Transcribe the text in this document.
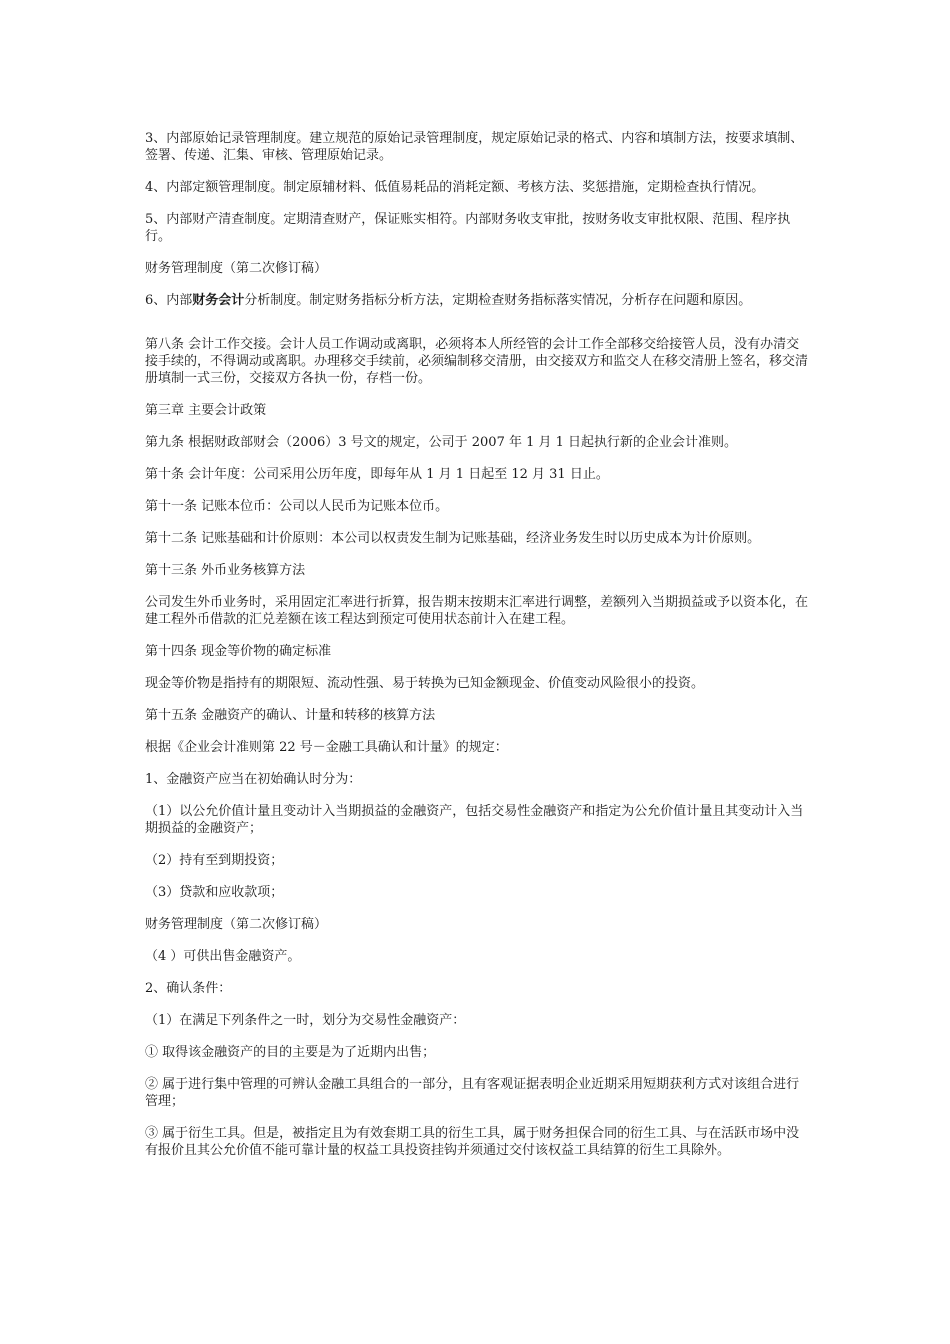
3、内部原始记录管理制度。建立规范的原始记录管理制度，规定原始记录的格式、内容和填制方法，按要求填制、签署、传递、汇集、审核、管理原始记录。

4、内部定额管理制度。制定原辅材料、低值易耗品的消耗定额、考核方法、奖惩措施，定期检查执行情况。

5、内部财产清查制度。定期清查财产，保证账实相符。内部财务收支审批，按财务收支审批权限、范围、程序执行。

财务管理制度（第二次修订稿）

6、内部财务会计分析制度。制定财务指标分析方法，定期检查财务指标落实情况，分析存在问题和原因。

第八条 会计工作交接。会计人员工作调动或离职，必须将本人所经管的会计工作全部移交给接管人员，没有办清交接手续的，不得调动或离职。办理移交手续前，必须编制移交清册，由交接双方和监交人在移交清册上签名，移交清册填制一式三份，交接双方各执一份，存档一份。

第三章 主要会计政策

第九条 根据财政部财会（2006）3 号文的规定，公司于 2007 年 1 月 1 日起执行新的企业会计准则。

第十条 会计年度：公司采用公历年度，即每年从 1 月 1 日起至 12 月 31 日止。

第十一条 记账本位币：公司以人民币为记账本位币。

第十二条 记账基础和计价原则：本公司以权责发生制为记账基础，经济业务发生时以历史成本为计价原则。

第十三条 外币业务核算方法

公司发生外币业务时，采用固定汇率进行折算，报告期末按期末汇率进行调整，差额列入当期损益或予以资本化，在建工程外币借款的汇兑差额在该工程达到预定可使用状态前计入在建工程。

第十四条 现金等价物的确定标准

现金等价物是指持有的期限短、流动性强、易于转换为已知金额现金、价值变动风险很小的投资。

第十五条 金融资产的确认、计量和转移的核算方法

根据《企业会计准则第 22 号－金融工具确认和计量》的规定：

1、金融资产应当在初始确认时分为：

（1）以公允价值计量且变动计入当期损益的金融资产，包括交易性金融资产和指定为公允价值计量且其变动计入当期损益的金融资产；

（2）持有至到期投资；

（3）贷款和应收款项；

财务管理制度（第二次修订稿）

（4 ）可供出售金融资产。

2、确认条件：

（1）在满足下列条件之一时，划分为交易性金融资产：

① 取得该金融资产的目的主要是为了近期内出售；

② 属于进行集中管理的可辨认金融工具组合的一部分，且有客观证据表明企业近期采用短期获利方式对该组合进行管理；

③ 属于衍生工具。但是，被指定且为有效套期工具的衍生工具，属于财务担保合同的衍生工具、与在活跃市场中没有报价且其公允价值不能可靠计量的权益工具投资挂钩并须通过交付该权益工具结算的衍生工具除外。
